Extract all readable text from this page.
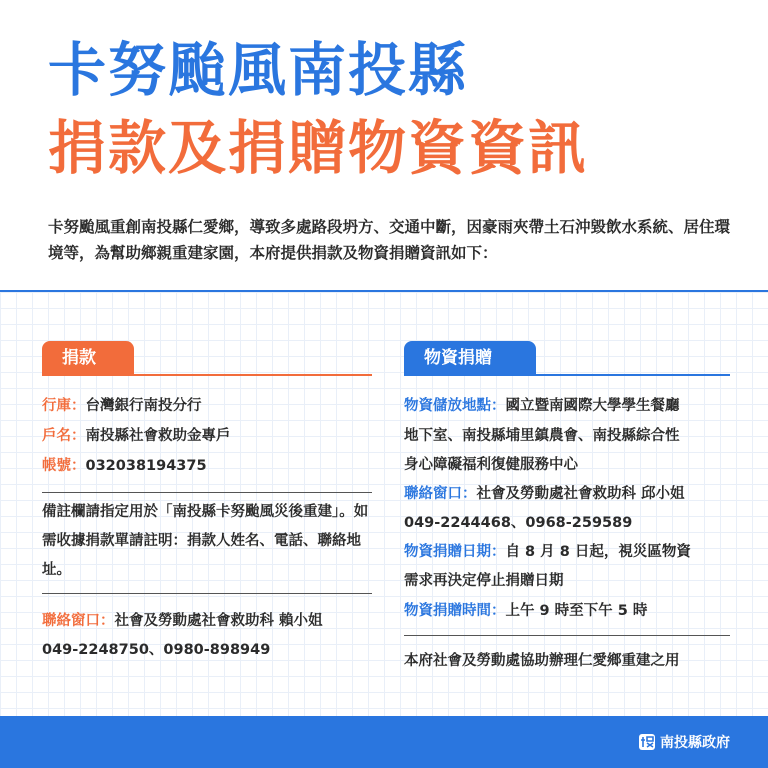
卡努颱風南投縣
捐款及捐贈物資資訊
卡努颱風重創南投縣仁愛鄉，導致多處路段坍方、交通中斷，因豪雨夾帶土石沖毀飲水系統、居住環境等，為幫助鄉親重建家園，本府提供捐款及物資捐贈資訊如下：
捐款
行庫：台灣銀行南投分行
戶名：南投縣社會救助金專戶
帳號：032038194375
備註欄請指定用於「南投縣卡努颱風災後重建」。如需收據捐款單請註明：捐款人姓名、電話、聯絡地址。
聯絡窗口：社會及勞動處社會救助科 賴小姐
049-2248750、0980-898949
物資捐贈
物資儲放地點：國立暨南國際大學學生餐廳
地下室、南投縣埔里鎮農會、南投縣綜合性
身心障礙福利復健服務中心
聯絡窗口：社會及勞動處社會救助科 邱小姐
049-2244468、0968-259589
物資捐贈日期：自 8 月 8 日起，視災區物資
需求再決定停止捐贈日期
物資捐贈時間：上午 9 時至下午 5 時
本府社會及勞動處協助辦理仁愛鄉重建之用
南投縣政府
